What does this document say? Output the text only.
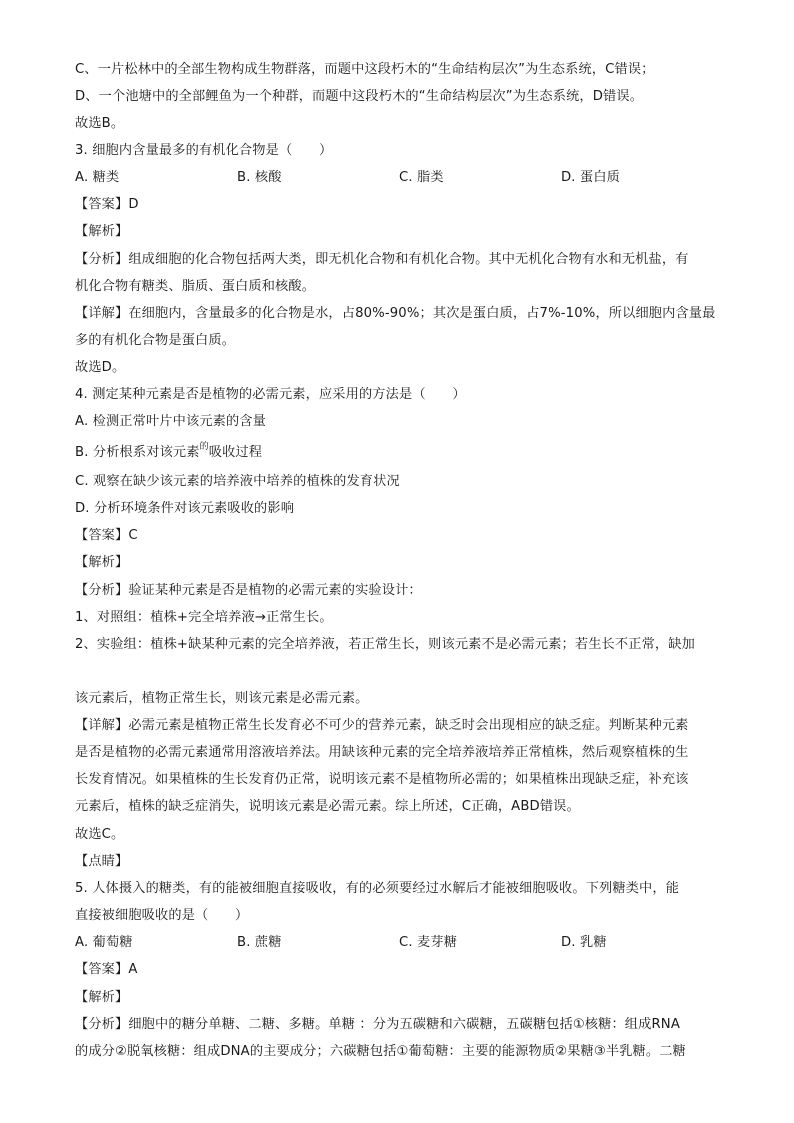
C、一片松林中的全部生物构成生物群落，而题中这段朽木的“生命结构层次”为生态系统，C错误；
D、一个池塘中的全部鲤鱼为一个种群，而题中这段朽木的“生命结构层次”为生态系统，D错误。
故选B。
3. 细胞内含量最多的有机化合物是（　　）
A. 糖类	B. 核酸	C. 脂类	D. 蛋白质
【答案】D
【解析】
【分析】组成细胞的化合物包括两大类，即无机化合物和有机化合物。其中无机化合物有水和无机盐，有
机化合物有糖类、脂质、蛋白质和核酸。
【详解】在细胞内，含量最多的化合物是水，占80%-90%；其次是蛋白质，占7%-10%，所以细胞内含量最
多的有机化合物是蛋白质。
故选D。
4. 测定某种元素是否是植物的必需元素，应采用的方法是（　　）
A. 检测正常叶片中该元素的含量
B. 分析根系对该元素$^的$吸收过程
C. 观察在缺少该元素的培养液中培养的植株的发育状况
D. 分析环境条件对该元素吸收的影响
【答案】C
【解析】
【分析】验证某种元素是否是植物的必需元素的实验设计：
1、对照组：植株+完全培养液→正常生长。
2、实验组：植株+缺某种元素的完全培养液，若正常生长，则该元素不是必需元素；若生长不正常，缺加
该元素后，植物正常生长，则该元素是必需元素。
【详解】必需元素是植物正常生长发育必不可少的营养元素，缺乏时会出现相应的缺乏症。判断某种元素
是否是植物的必需元素通常用溶液培养法。用缺该种元素的完全培养液培养正常植株，然后观察植株的生
长发育情况。如果植株的生长发育仍正常，说明该元素不是植物所必需的；如果植株出现缺乏症，补充该
元素后，植株的缺乏症消失，说明该元素是必需元素。综上所述，C正确，ABD错误。
故选C。
【点睛】
5. 人体摄入的糖类，有的能被细胞直接吸收，有的必须要经过水解后才能被细胞吸收。下列糖类中，能
直接被细胞吸收的是（　　）
A. 葡萄糖	B. 蔗糖	C. 麦芽糖	D. 乳糖
【答案】A
【解析】
【分析】细胞中的糖分单糖、二糖、多糖。单糖 ：分为五碳糖和六碳糖，五碳糖包括①核糖：组成RNA
的成分②脱氧核糖：组成DNA的主要成分；六碳糖包括①葡萄糖：主要的能源物质②果糖③半乳糖。二糖
